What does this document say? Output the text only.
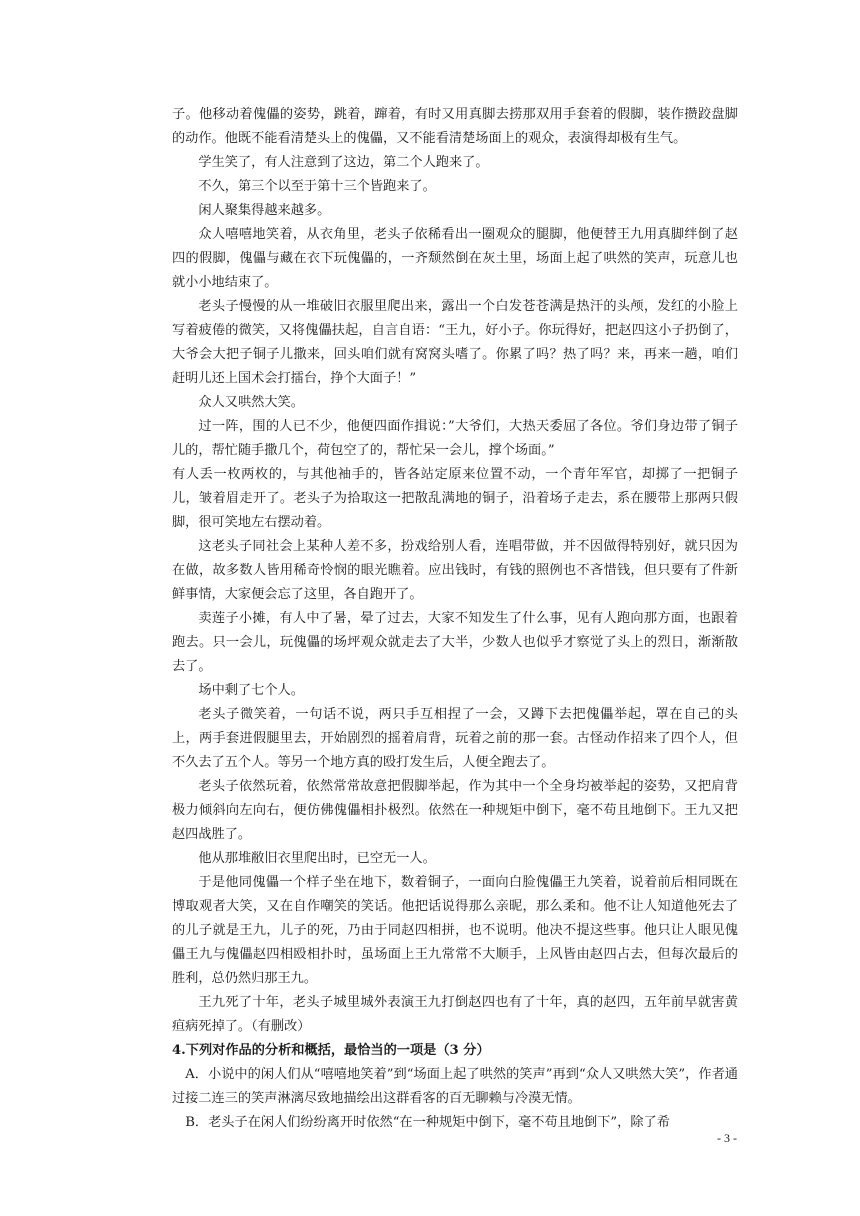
子。他移动着傀儡的姿势，跳着，蹿着，有时又用真脚去捞那双用手套着的假脚，装作攒跤盘脚的动作。他既不能看清楚头上的傀儡，又不能看清楚场面上的观众，表演得却极有生气。

学生笑了，有人注意到了这边，第二个人跑来了。

不久，第三个以至于第十三个皆跑来了。

闲人聚集得越来越多。

众人嘻嘻地笑着，从衣角里，老头子依稀看出一圈观众的腿脚，他便替王九用真脚绊倒了赵四的假脚，傀儡与藏在衣下玩傀儡的，一齐颓然倒在灰土里，场面上起了哄然的笑声，玩意儿也就小小地结束了。

老头子慢慢的从一堆破旧衣服里爬出来，露出一个白发苍苍满是热汗的头颅，发红的小脸上写着疲倦的微笑，又将傀儡扶起，自言自语：“王九，好小子。你玩得好，把赵四这小子扔倒了，大爷会大把子铜子儿撒来，回头咱们就有窝窝头嗜了。你累了吗？热了吗？来，再来一趟，咱们赶明儿还上国术会打擂台，挣个大面子！”

众人又哄然大笑。

过一阵，围的人已不少，他便四面作揖说：”大爷们，大热天委屈了各位。爷们身边带了铜子儿的，帮忙随手撒几个，荷包空了的，帮忙呆一会儿，撑个场面。”

有人丢一枚两枚的，与其他袖手的，皆各站定原来位置不动，一个青年军官，却掷了一把铜子儿，皱着眉走开了。老头子为拾取这一把散乱满地的铜子，沿着场子走去，系在腰带上那两只假脚，很可笑地左右摆动着。

这老头子同社会上某种人差不多，扮戏给别人看，连唱带做，并不因做得特别好，就只因为在做，故多数人皆用稀奇怜悯的眼光瞧着。应出钱时，有钱的照例也不吝惜钱，但只要有了件新鲜事情，大家便会忘了这里，各自跑开了。

卖莲子小摊，有人中了暑，晕了过去，大家不知发生了什么事，见有人跑向那方面，也跟着跑去。只一会儿，玩傀儡的场坪观众就走去了大半，少数人也似乎才察觉了头上的烈日，渐渐散去了。

场中剩了七个人。

老头子微笑着，一句话不说，两只手互相捏了一会，又蹲下去把傀儡举起，罩在自己的头上，两手套进假腿里去，开始剧烈的摇着肩背，玩着之前的那一套。古怪动作招来了四个人，但不久去了五个人。等另一个地方真的殴打发生后，人便全跑去了。

老头子依然玩着，依然常常故意把假脚举起，作为其中一个全身均被举起的姿势，又把肩背极力倾斜向左向右，便仿佛傀儡相扑极烈。依然在一种规矩中倒下，毫不苟且地倒下。王九又把赵四战胜了。

他从那堆敝旧衣里爬出时，已空无一人。

于是他同傀儡一个样子坐在地下，数着铜子，一面向白脸傀儡王九笑着，说着前后相同既在博取观者大笑，又在自作嘲笑的笑话。他把话说得那么亲昵，那么柔和。他不让人知道他死去了的儿子就是王九，儿子的死，乃由于同赵四相拼，也不说明。他决不提这些事。他只让人眼见傀儡王九与傀儡赵四相殴相扑时，虽场面上王九常常不大顺手，上风皆由赵四占去，但每次最后的胜利，总仍然归那王九。

王九死了十年，老头子城里城外表演王九打倒赵四也有了十年，真的赵四，五年前早就害黄疸病死掉了。（有删改）

4.下列对作品的分析和概括，最恰当的一项是（3 分）

A．小说中的闲人们从“嘻嘻地笑着”到“场面上起了哄然的笑声”再到“众人又哄然大笑”，作者通过接二连三的笑声淋漓尽致地描绘出这群看客的百无聊赖与冷漠无情。

B．老头子在闲人们纷纷离开时依然“在一种规矩中倒下，毫不苟且地倒下”，除了希

- 3 -
